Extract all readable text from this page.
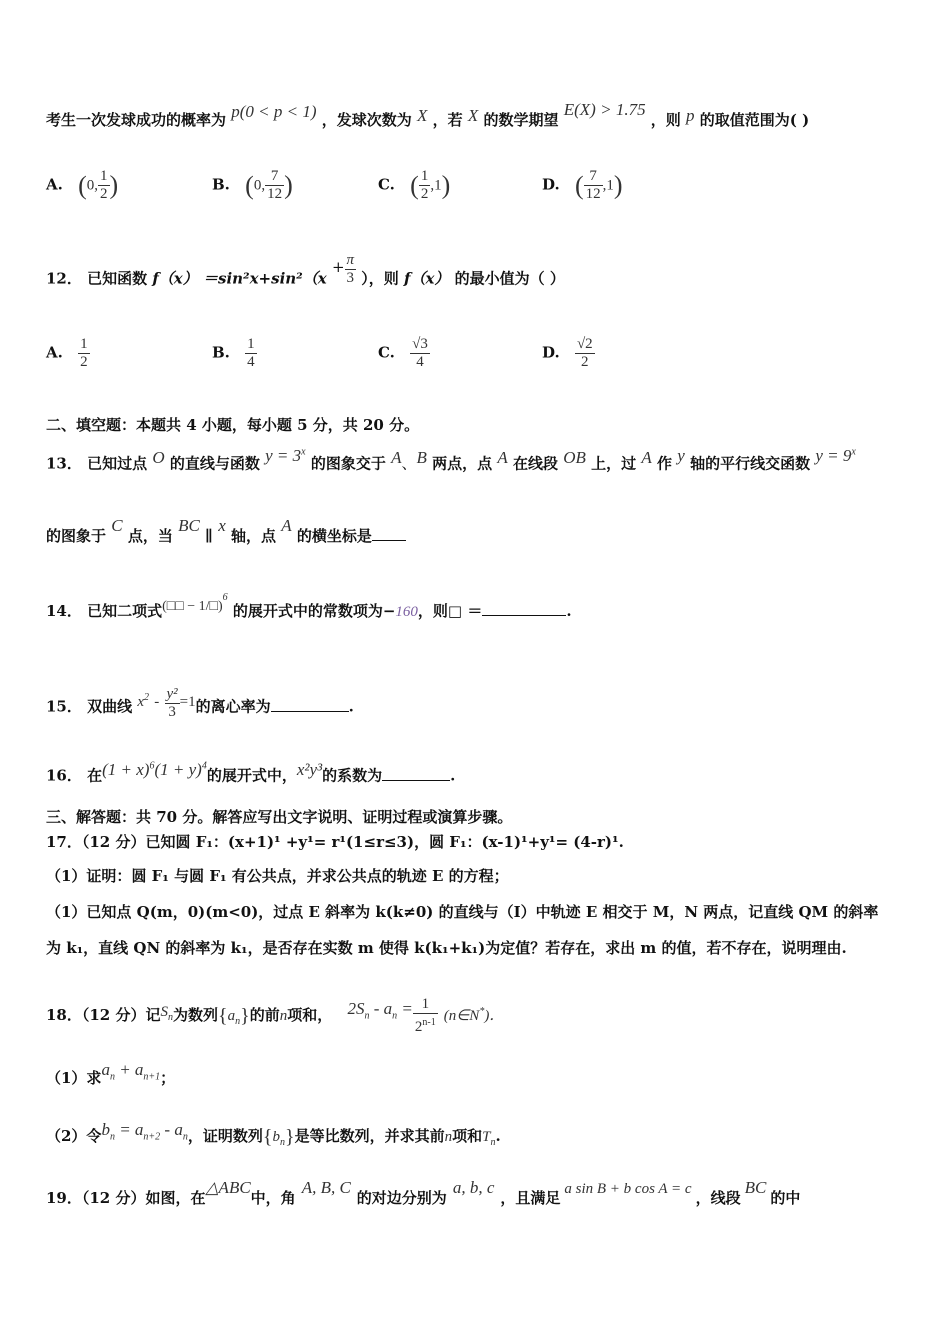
考生一次发球成功的概率为 p(0 < p < 1) ，发球次数为 X ，若 X 的数学期望 E(X) > 1.75 ，则 p 的取值范围为( )
A. (0, $\frac{1}{2}$ )	B. (0, $\frac{7}{12}$ )	C. ( $\frac{1}{2} ,1$)	D. ( $\frac{7}{12} ,1$)
12． 已知函数 $f(x) =\sin^2x+\sin^2(x + \frac{\pi}{3}$ ），则 f（x） 的最小值为（ ）
A. $\frac{1}{2}$	B. $\frac{1}{4}$	C. $\frac{√3}{4}$	D. $\frac{√2}{2}$
二、填空题：本题共 4 小题，每小题 5 分，共 20 分。
13． 已知过点 O 的直线与函数 $y = 3^x$ 的图象交于 A、B 两点，点 A 在线段 OB 上，过 A 作 y 轴的平行线交函数 $y = 9^x$
的图象于 C 点，当 BC ∥ x 轴，点 A 的横坐标是
14． 已知二项式(□□ − 1/□)$^6$ 的展开式中的常数项为−160，则□ ＝	.
15． 双曲线 $x^2 - \frac{\text{y²}}{3} =1$的离心率为	.
16． 在$(1 + x)^6(1 + y)^4$的展开式中，x²y³的系数为	.
三、解答题：共 70 分。解答应写出文字说明、证明过程或演算步骤。
17．（12 分）已知圆 F₁：(x+1)¹ +y¹= r¹(1≤r≤3)，圆 F₁：(x-1)¹+y¹= (4-r)¹.
（1）证明：圆 F₁ 与圆 F₁ 有公共点，并求公共点的轨迹 E 的方程；
（1）已知点 Q(m，0)(m<0)，过点 E 斜率为 k(k≠0) 的直线与（Ⅰ）中轨迹 E 相交于 M，N 两点，记直线 QM 的斜率
为 k₁，直线 QN 的斜率为 k₁，是否存在实数 m 使得 k(k₁+k₁)为定值？若存在，求出 m 的值，若不存在，说明理由.
18．（12 分）记$S_n$为数列$\{a_n\}$的前n项和， $2S_n - a_n = \frac{1}{2^{n-1}}$ (n∈N*)．
（1）求$a_n + a_{n+1}$；
（2）令$b_n = a_{n+2} - a_n$，证明数列$\{b_n\}$是等比数列，并求其前n项和$T_n$.
19．（12 分）如图，在△ABC中，角A, B, C的对边分别为a, b, c，且满足 a sin B + b cos A = c ，线段BC的中
